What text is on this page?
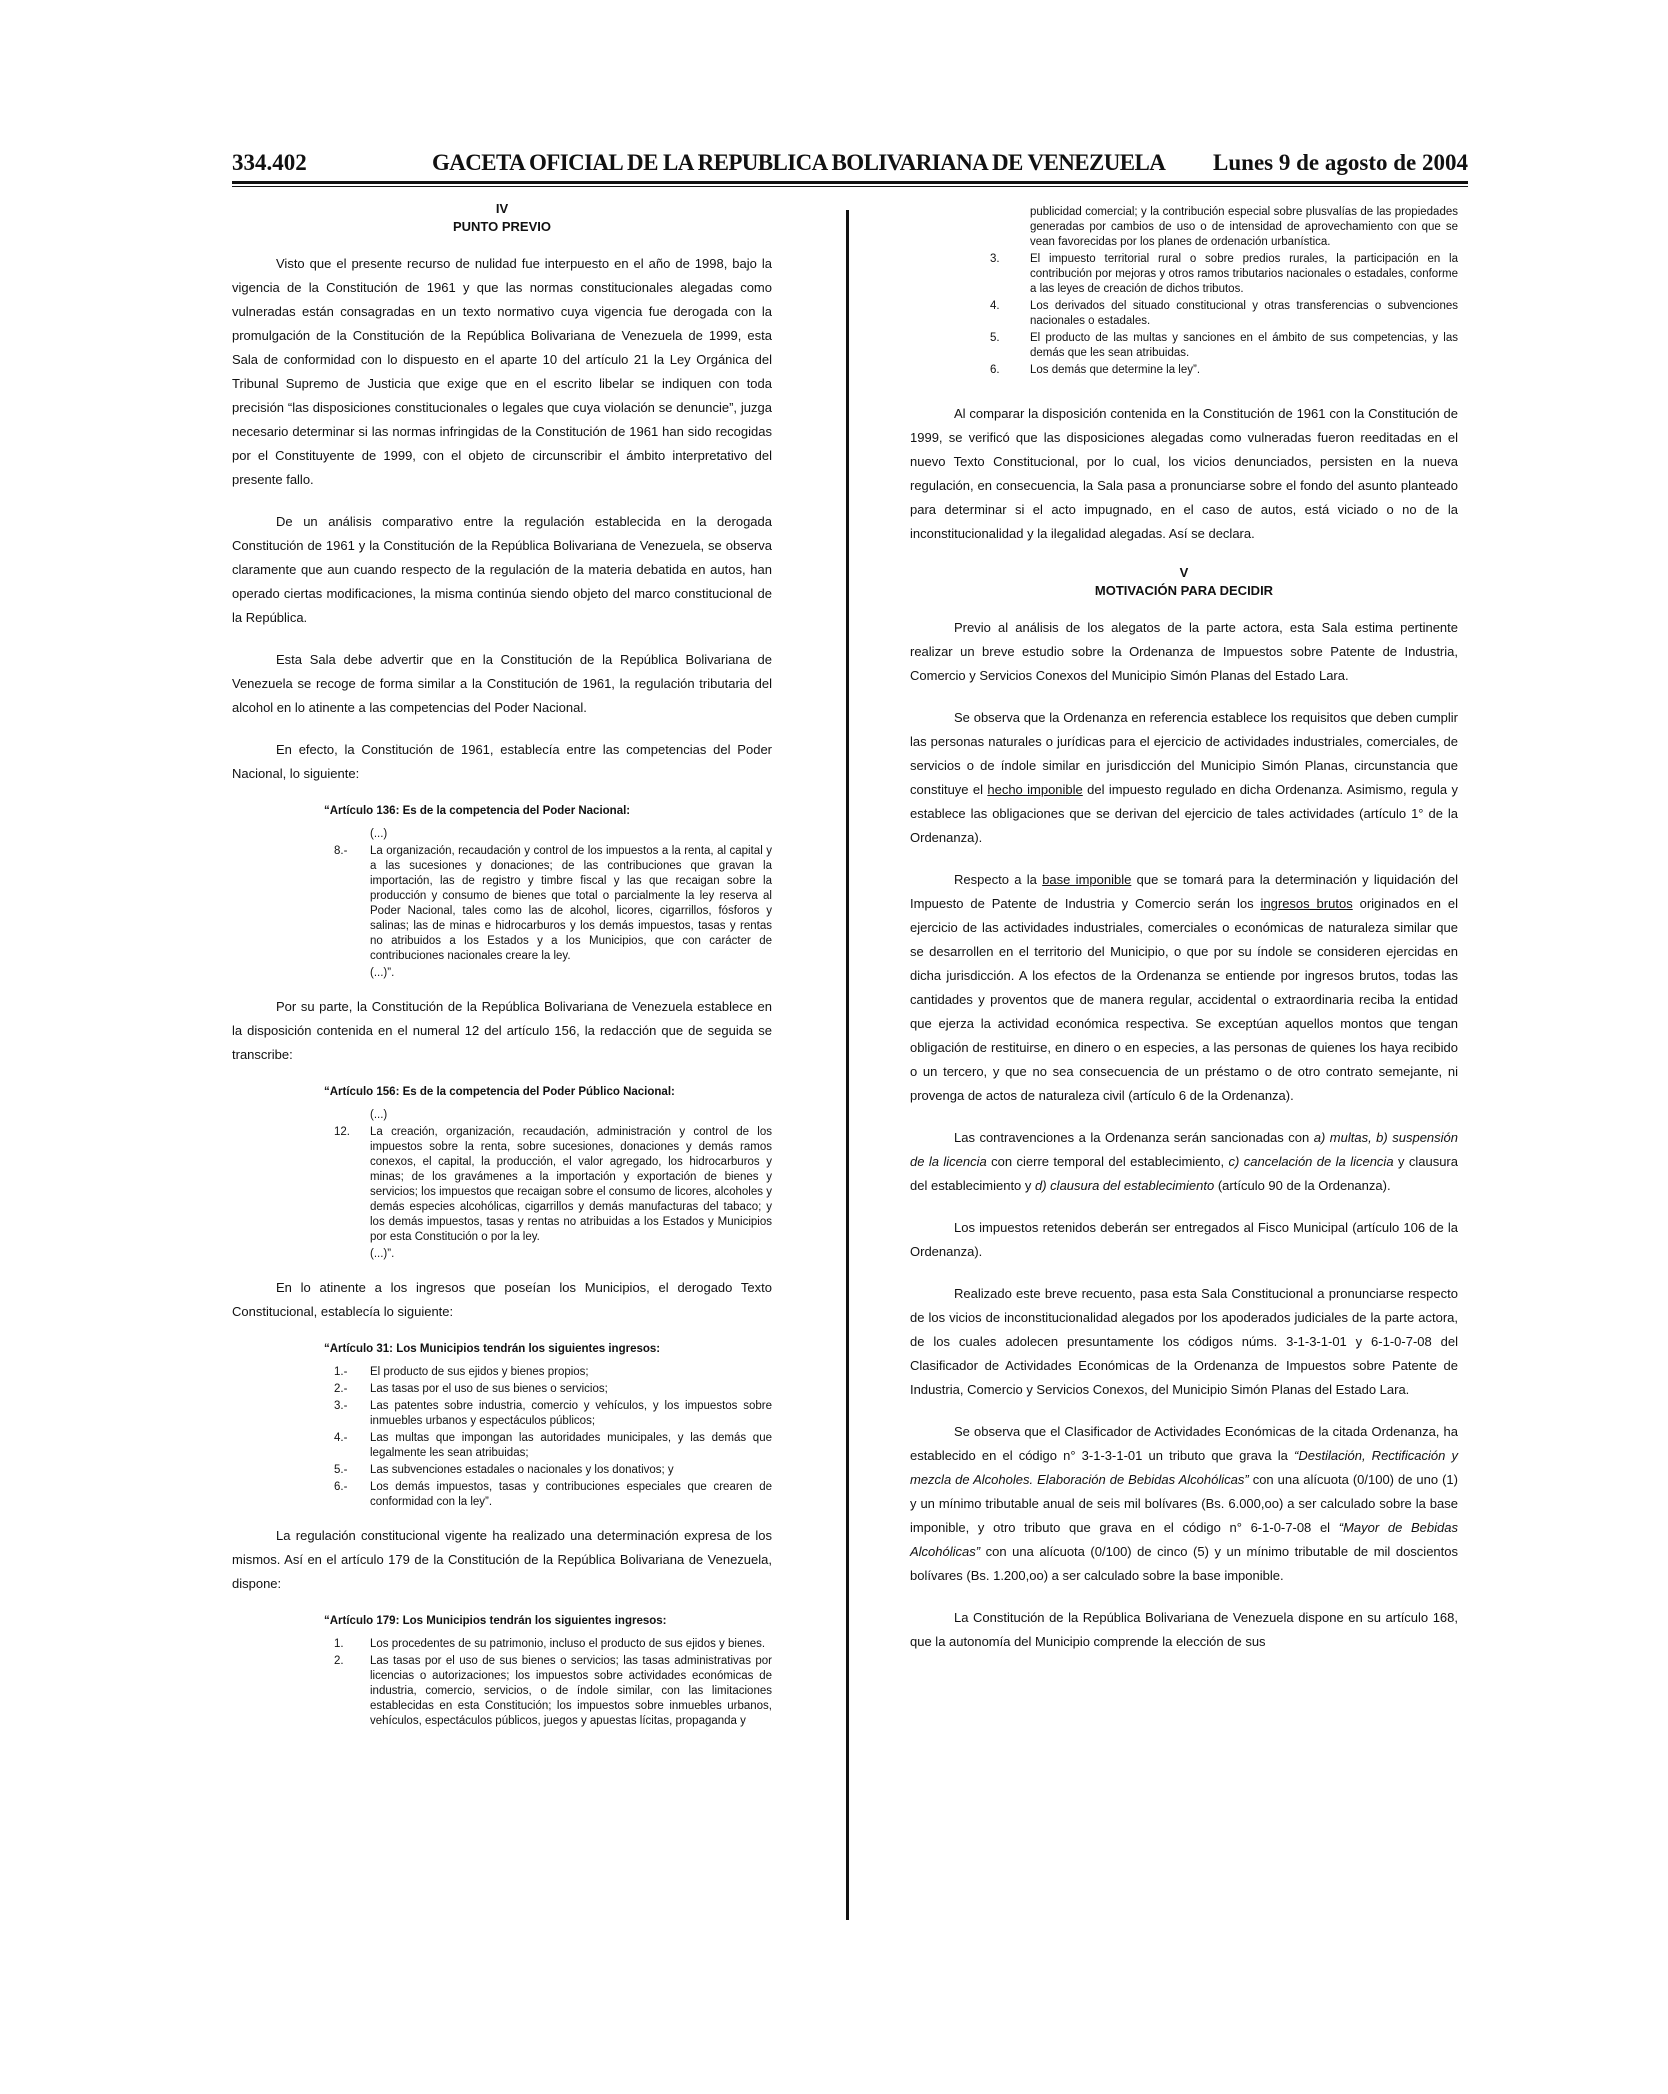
334.402	GACETA OFICIAL DE LA REPUBLICA BOLIVARIANA DE VENEZUELA Lunes 9 de agosto de 2004
IV
PUNTO PREVIO

Visto que el presente recurso de nulidad fue interpuesto en el año de 1998, bajo la vigencia de la Constitución de 1961 y que las normas constitucionales alegadas como vulneradas están consagradas en un texto normativo cuya vigencia fue derogada con la promulgación de la Constitución de la República Bolivariana de Venezuela de 1999, esta Sala de conformidad con lo dispuesto en el aparte 10 del artículo 21 la Ley Orgánica del Tribunal Supremo de Justicia que exige que en el escrito libelar se indiquen con toda precisión “las disposiciones constitucionales o legales que cuya violación se denuncie”, juzga necesario determinar si las normas infringidas de la Constitución de 1961 han sido recogidas por el Constituyente de 1999, con el objeto de circunscribir el ámbito interpretativo del presente fallo.

De un análisis comparativo entre la regulación establecida en la derogada Constitución de 1961 y la Constitución de la República Bolivariana de Venezuela, se observa claramente que aun cuando respecto de la regulación de la materia debatida en autos, han operado ciertas modificaciones, la misma continúa siendo objeto del marco constitucional de la República.

Esta Sala debe advertir que en la Constitución de la República Bolivariana de Venezuela se recoge de forma similar a la Constitución de 1961, la regulación tributaria del alcohol en lo atinente a las competencias del Poder Nacional.

En efecto, la Constitución de 1961, establecía entre las competencias del Poder Nacional, lo siguiente:

“Artículo 136: Es de la competencia del Poder Nacional:
(...)
8.-	La organización, recaudación y control de los impuestos a la renta, al capital y a las sucesiones y donaciones; de las contribuciones que gravan la importación, las de registro y timbre fiscal y las que recaigan sobre la producción y consumo de bienes que total o parcialmente la ley reserva al Poder Nacional, tales como las de alcohol, licores, cigarrillos, fósforos y salinas; las de minas e hidrocarburos y los demás impuestos, tasas y rentas no atribuidos a los Estados y a los Municipios, que con carácter de contribuciones nacionales creare la ley.
(...)”.

Por su parte, la Constitución de la República Bolivariana de Venezuela establece en la disposición contenida en el numeral 12 del artículo 156, la redacción que de seguida se transcribe:

“Artículo 156: Es de la competencia del Poder Público Nacional:
(...)
12.	La creación, organización, recaudación, administración y control de los impuestos sobre la renta, sobre sucesiones, donaciones y demás ramos conexos, el capital, la producción, el valor agregado, los hidrocarburos y minas; de los gravámenes a la importación y exportación de bienes y servicios; los impuestos que recaigan sobre el consumo de licores, alcoholes y demás especies alcohólicas, cigarrillos y demás manufacturas del tabaco; y los demás impuestos, tasas y rentas no atribuidas a los Estados y Municipios por esta Constitución o por la ley.
(...)”.

En lo atinente a los ingresos que poseían los Municipios, el derogado Texto Constitucional, establecía lo siguiente:

“Artículo 31: Los Municipios tendrán los siguientes ingresos:
1.-	El producto de sus ejidos y bienes propios;
2.-	Las tasas por el uso de sus bienes o servicios;
3.-	Las patentes sobre industria, comercio y vehículos, y los impuestos sobre inmuebles urbanos y espectáculos públicos;
4.-	Las multas que impongan las autoridades municipales, y las demás que legalmente les sean atribuidas;
5.-	Las subvenciones estadales o nacionales y los donativos; y
6.-	Los demás impuestos, tasas y contribuciones especiales que crearen de conformidad con la ley”.

La regulación constitucional vigente ha realizado una determinación expresa de los mismos. Así en el artículo 179 de la Constitución de la República Bolivariana de Venezuela, dispone:

“Artículo 179: Los Municipios tendrán los siguientes ingresos:
1.	Los procedentes de su patrimonio, incluso el producto de sus ejidos y bienes.
2.	Las tasas por el uso de sus bienes o servicios; las tasas administrativas por licencias o autorizaciones; los impuestos sobre actividades económicas de industria, comercio, servicios, o de índole similar, con las limitaciones establecidas en esta Constitución; los impuestos sobre inmuebles urbanos, vehículos, espectáculos públicos, juegos y apuestas lícitas, propaganda y
publicidad comercial; y la contribución especial sobre plusvalías de las propiedades generadas por cambios de uso o de intensidad de aprovechamiento con que se vean favorecidas por los planes de ordenación urbanística.
3.	El impuesto territorial rural o sobre predios rurales, la participación en la contribución por mejoras y otros ramos tributarios nacionales o estadales, conforme a las leyes de creación de dichos tributos.
4.	Los derivados del situado constitucional y otras transferencias o subvenciones nacionales o estadales.
5.	El producto de las multas y sanciones en el ámbito de sus competencias, y las demás que les sean atribuidas.
6.	Los demás que determine la ley”.

Al comparar la disposición contenida en la Constitución de 1961 con la Constitución de 1999, se verificó que las disposiciones alegadas como vulneradas fueron reeditadas en el nuevo Texto Constitucional, por lo cual, los vicios denunciados, persisten en la nueva regulación, en consecuencia, la Sala pasa a pronunciarse sobre el fondo del asunto planteado para determinar si el acto impugnado, en el caso de autos, está viciado o no de la inconstitucionalidad y la ilegalidad alegadas. Así se declara.

V
MOTIVACIÓN PARA DECIDIR

Previo al análisis de los alegatos de la parte actora, esta Sala estima pertinente realizar un breve estudio sobre la Ordenanza de Impuestos sobre Patente de Industria, Comercio y Servicios Conexos del Municipio Simón Planas del Estado Lara.

Se observa que la Ordenanza en referencia establece los requisitos que deben cumplir las personas naturales o jurídicas para el ejercicio de actividades industriales, comerciales, de servicios o de índole similar en jurisdicción del Municipio Simón Planas, circunstancia que constituye el hecho imponible del impuesto regulado en dicha Ordenanza. Asimismo, regula y establece las obligaciones que se derivan del ejercicio de tales actividades (artículo 1° de la Ordenanza).

Respecto a la base imponible que se tomará para la determinación y liquidación del Impuesto de Patente de Industria y Comercio serán los ingresos brutos originados en el ejercicio de las actividades industriales, comerciales o económicas de naturaleza similar que se desarrollen en el territorio del Municipio, o que por su índole se consideren ejercidas en dicha jurisdicción. A los efectos de la Ordenanza se entiende por ingresos brutos, todas las cantidades y proventos que de manera regular, accidental o extraordinaria reciba la entidad que ejerza la actividad económica respectiva. Se exceptúan aquellos montos que tengan obligación de restituirse, en dinero o en especies, a las personas de quienes los haya recibido o un tercero, y que no sea consecuencia de un préstamo o de otro contrato semejante, ni provenga de actos de naturaleza civil (artículo 6 de la Ordenanza).

Las contravenciones a la Ordenanza serán sancionadas con a) multas, b) suspensión de la licencia con cierre temporal del establecimiento, c) cancelación de la licencia y clausura del establecimiento y d) clausura del establecimiento (artículo 90 de la Ordenanza).

Los impuestos retenidos deberán ser entregados al Fisco Municipal (artículo 106 de la Ordenanza).

Realizado este breve recuento, pasa esta Sala Constitucional a pronunciarse respecto de los vicios de inconstitucionalidad alegados por los apoderados judiciales de la parte actora, de los cuales adolecen presuntamente los códigos núms. 3-1-3-1-01 y 6-1-0-7-08 del Clasificador de Actividades Económicas de la Ordenanza de Impuestos sobre Patente de Industria, Comercio y Servicios Conexos, del Municipio Simón Planas del Estado Lara.

Se observa que el Clasificador de Actividades Económicas de la citada Ordenanza, ha establecido en el código n° 3-1-3-1-01 un tributo que grava la “Destilación, Rectificación y mezcla de Alcoholes. Elaboración de Bebidas Alcohólicas” con una alícuota (0/100) de uno (1) y un mínimo tributable anual de seis mil bolívares (Bs. 6.000,oo) a ser calculado sobre la base imponible, y otro tributo que grava en el código n° 6-1-0-7-08 el “Mayor de Bebidas Alcohólicas” con una alícuota (0/100) de cinco (5) y un mínimo tributable de mil doscientos bolívares (Bs. 1.200,oo) a ser calculado sobre la base imponible.

La Constitución de la República Bolivariana de Venezuela dispone en su artículo 168, que la autonomía del Municipio comprende la elección de sus
